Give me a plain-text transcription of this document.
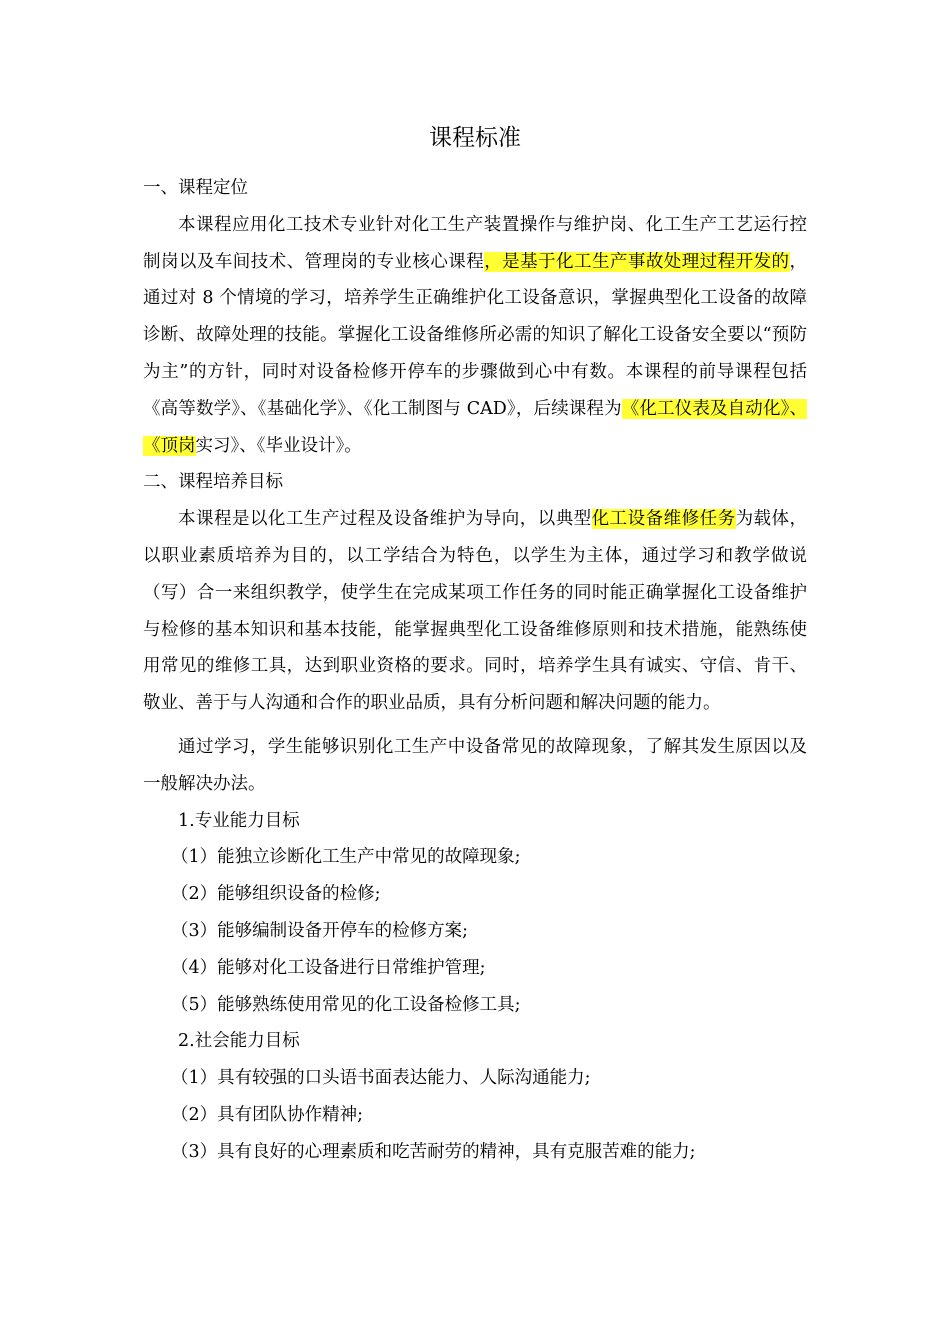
课程标准

一、课程定位

本课程应用化工技术专业针对化工生产装置操作与维护岗、化工生产工艺运行控制岗以及车间技术、管理岗的专业核心课程，是基于化工生产事故处理过程开发的，通过对 8 个情境的学习，培养学生正确维护化工设备意识，掌握典型化工设备的故障诊断、故障处理的技能。掌握化工设备维修所必需的知识了解化工设备安全要以“预防为主”的方针，同时对设备检修开停车的步骤做到心中有数。本课程的前导课程包括《高等数学》、《基础化学》、《化工制图与 CAD》，后续课程为《化工仪表及自动化》、《顶岗实习》、《毕业设计》。

二、课程培养目标

本课程是以化工生产过程及设备维护为导向，以典型化工设备维修任务为载体，以职业素质培养为目的，以工学结合为特色，以学生为主体，通过学习和教学做说（写）合一来组织教学，使学生在完成某项工作任务的同时能正确掌握化工设备维护与检修的基本知识和基本技能，能掌握典型化工设备维修原则和技术措施，能熟练使用常见的维修工具，达到职业资格的要求。同时，培养学生具有诚实、守信、肯干、敬业、善于与人沟通和合作的职业品质，具有分析问题和解决问题的能力。

通过学习，学生能够识别化工生产中设备常见的故障现象，了解其发生原因以及一般解决办法。

1.专业能力目标

（1）能独立诊断化工生产中常见的故障现象;

（2）能够组织设备的检修;

（3）能够编制设备开停车的检修方案;

（4）能够对化工设备进行日常维护管理;

（5）能够熟练使用常见的化工设备检修工具;

2.社会能力目标

（1）具有较强的口头语书面表达能力、人际沟通能力;

（2）具有团队协作精神;

（3）具有良好的心理素质和吃苦耐劳的精神，具有克服苦难的能力;
